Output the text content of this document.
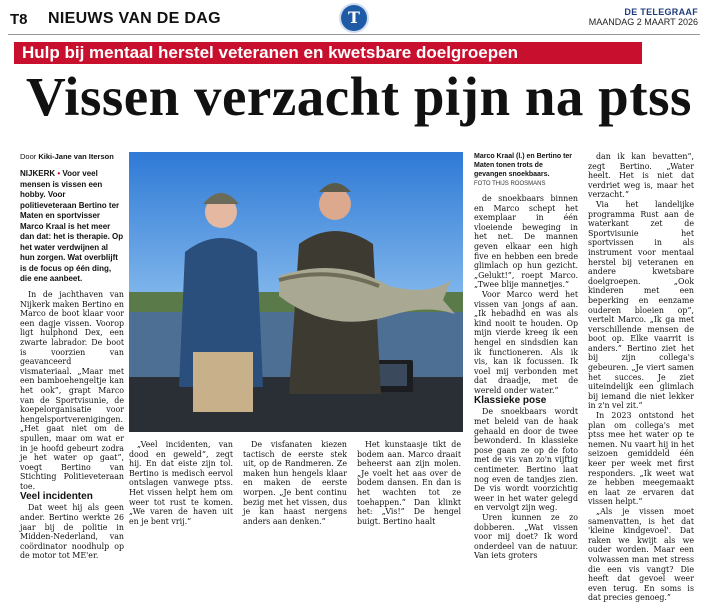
T8 NIEUWS VAN DE DAG	T	DE TELEGRAAF
MAANDAG 2 MAART 2026
Hulp bij mentaal herstel veteranen en kwetsbare doelgroepen
Vissen verzacht pijn na ptss
Door Kiki-Jane van Iterson
NIJKERK • Voor veel mensen is vissen een hobby. Voor politieveteraan Bertino ter Maten en sportvisser Marco Kraal is het meer dan dat: het is therapie. Op het water verdwijnen al hun zorgen. Wat overblijft is de focus op één ding, die ene aanbeet.

In de jachthaven van Nijkerk maken Bertino en Marco de boot klaar voor een dagje vissen. Voorop ligt hulphond Dex, een zwarte labrador. De boot is voorzien van geavanceerd vismateriaal. „Maar met een bamboehengeltje kan het ook”, grapt Marco van de Sportvisunie, de koepelorganisatie voor hengelsportverenigingen. „Het gaat niet om de spullen, maar om wat er in je hoofd gebeurt zodra je het water op gaat”, voegt Bertino van Stichting Politieveteraan toe.

Veel incidenten

Dat weet hij als geen ander. Bertino werkte 26 jaar bij de politie in Midden-Nederland, van coördinator noodhulp op de motor tot ME'er.

Marco Kraal (l.) en Bertino ter Maten tonen trots de gevangen snoekbaars.
FOTO THIJS ROOSMANS

„Veel incidenten, van dood en geweld”, zegt hij. En dat eiste zijn tol. Bertino is medisch eervol ontslagen vanwege ptss. Het vissen helpt hem om weer tot rust te komen. „We varen de haven uit en je bent vrij.”

De visfanaten kiezen tactisch de eerste stek uit, op de Randmeren. Ze maken hun hengels klaar en maken de eerste worpen. „Je bent continu bezig met het vissen, dus je kan haast nergens anders aan denken.”

Het kunstaasje tikt de bodem aan. Marco draait beheerst aan zijn molen. „Je voelt het aas over de bodem dansen. En dan is het wachten tot ze toehappen.” Dan klinkt het: „Vis!” De hengel buigt. Bertino haalt

de snoekbaars binnen en Marco schept het exemplaar in één vloeiende beweging in het net. De mannen geven elkaar een high five en hebben een brede glimlach op hun gezicht. „Gelukt!”, roept Marco. „Twee blije mannetjes.”

Voor Marco werd het vissen van jongs af aan. „Ik hebadhd en was als kind nooit te houden. Op mijn vierde kreeg ik een hengel en sindsdien kan ik functioneren. Als ik vis, kan ik focussen. Ik voel mij verbonden met dat draadje, met de wereld onder water.”

Klassieke pose

De snoekbaars wordt met beleid van de haak gehaald en door de twee bewonderd. In klassieke pose gaan ze op de foto met de vis van zo'n vijftig centimeter. Bertino laat nog even de tandjes zien. De vis wordt voorzichtig weer in het water gelegd en vervolgt zijn weg.

Uren kunnen ze zo dobberen. „Wat vissen voor mij doet? Ik word onderdeel van de natuur. Van iets groters

dan ik kan bevatten”, zegt Bertino. „Water heelt. Het is niet dat verdriet weg is, maar het verzacht.”

Via het landelijke programma Rust aan de waterkant zet de Sportvisunie het sportvissen in als instrument voor mentaal herstel bij veteranen en andere kwetsbare doelgroepen. „Ook kinderen met een beperking en eenzame ouderen bloeien op”, vertelt Marco. „Ik ga met verschillende mensen de boot op. Elke vaarrit is anders.” Bertino ziet het bij zijn collega's gebeuren. „Je viert samen het succes. Je ziet uiteindelijk een glimlach bij iemand die niet lekker in z'n vel zit.”

In 2023 ontstond het plan om collega's met ptss mee het water op te nemen. Nu vaart hij in het seizoen gemiddeld één keer per week met first responders. „Ik weet wat ze hebben meegemaakt en laat ze ervaren dat vissen helpt.”

„Als je vissen moet samenvatten, is het dat 'kleine kindgevoel'. Dat raken we kwijt als we ouder worden. Maar een volwassen man met stress die een vis vangt? Die heeft dat gevoel weer even terug. En soms is dat precies genoeg.”
